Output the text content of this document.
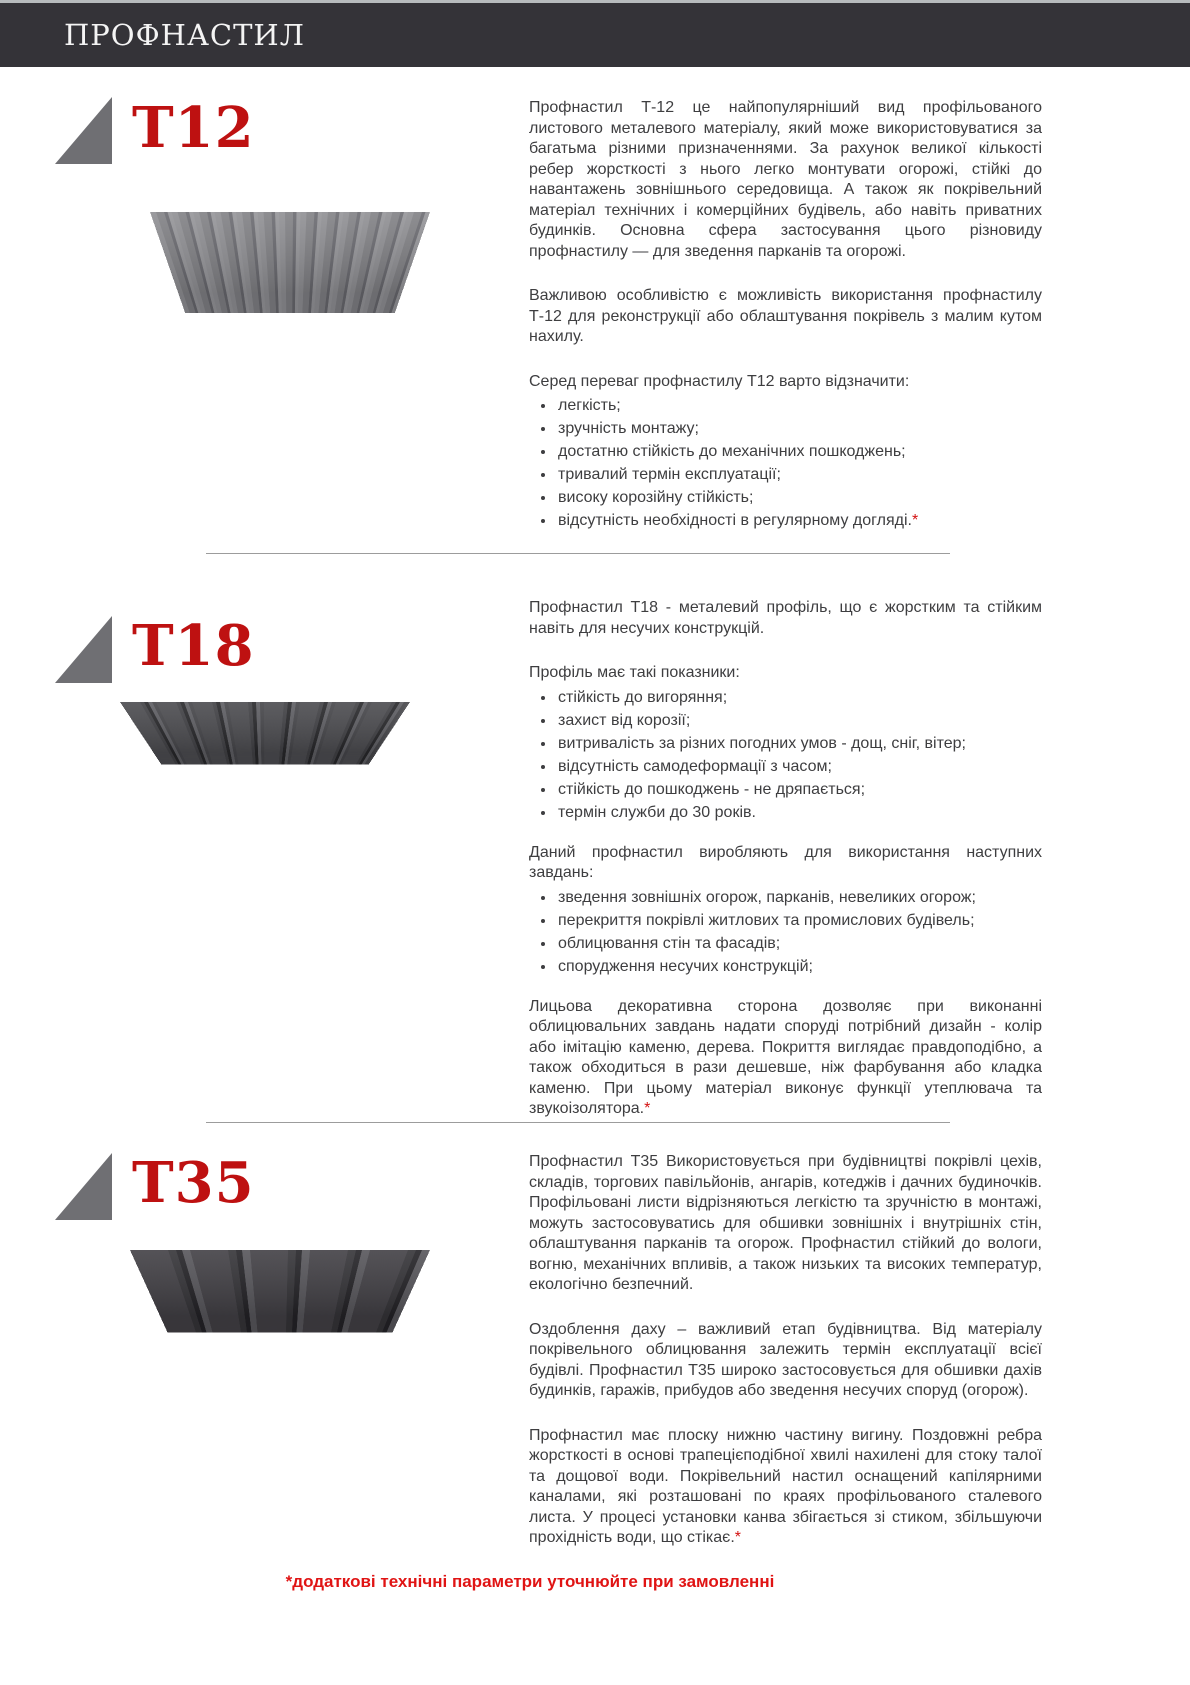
ПРОФНАСТИЛ
T12	Профнастил Т-12 це найпопулярніший вид профільованого листового металевого матеріалу, який може використовуватися за багатьма різними призначеннями. За рахунок великої кількості ребер жорсткості з нього легко монтувати огорожі, стійкі до навантажень зовнішнього середовища. А також як покрівельний матеріал технічних і комерційних будівель, або навіть приватних будинків. Основна сфера застосування цього різновиду профнастилу — для зведення парканів та огорожі.

Важливою особливістю є можливість використання профнастилу Т-12 для реконструкції або облаштування покрівель з малим кутом нахилу.

Серед переваг профнастилу Т12 варто відзначити:

• легкість;
• зручність монтажу;
• достатню стійкість до механічних пошкоджень;
• тривалий термін експлуатації;
• високу корозійну стійкість;
• відсутність необхідності в регулярному догляді.*
T18

Профнастил Т18 - металевий профіль, що є жорстким та стійким навіть для несучих конструкцій.

Профіль має такі показники:

• стійкість до вигоряння;
• захист від корозії;
• витривалість за різних погодних умов - дощ, сніг, вітер;
• відсутність самодеформації з часом;
• стійкість до пошкоджень - не дряпається;
• термін служби до 30 років.

Даний профнастил виробляють для використання наступних завдань:

• зведення зовнішніх огорож, парканів, невеликих огорож;
• перекриття покрівлі житлових та промислових будівель;
• облицювання стін та фасадів;
• спорудження несучих конструкцій;

Лицьова декоративна сторона дозволяє при виконанні облицювальних завдань надати споруді потрібний дизайн - колір або імітацію каменю, дерева. Покриття виглядає правдоподібно, а також обходиться в рази дешевше, ніж фарбування або кладка каменю. При цьому матеріал виконує функції утеплювача та звукоізолятора.*

T35	Профнастил Т35 Використовується при будівництві покрівлі цехів, складів, торгових павільйонів, ангарів, котеджів і дачних будиночків. Профільовані листи відрізняються легкістю та зручністю в монтажі, можуть застосовуватись для обшивки зовнішніх і внутрішніх стін, облаштування парканів та огорож. Профнастил стійкий до вологи, вогню, механічних впливів, а також низьких та високих температур, екологічно безпечний.

Оздоблення даху – важливий етап будівництва. Від матеріалу покрівельного облицювання залежить термін експлуатації всієї будівлі. Профнастил Т35 широко застосовується для обшивки дахів будинків, гаражів, прибудов або зведення несучих споруд (огорож).

Профнастил має плоску нижню частину вигину. Поздовжні ребра жорсткості в основі трапецієподібної хвилі нахилені для стоку талої та дощової води. Покрівельний настил оснащений капілярними каналами, які розташовані по краях профільованого сталевого листа. У процесі установки канва збігається зі стиком, збільшуючи прохідність води, що стікає.*

*додаткові технічні параметри уточнюйте при замовленні
